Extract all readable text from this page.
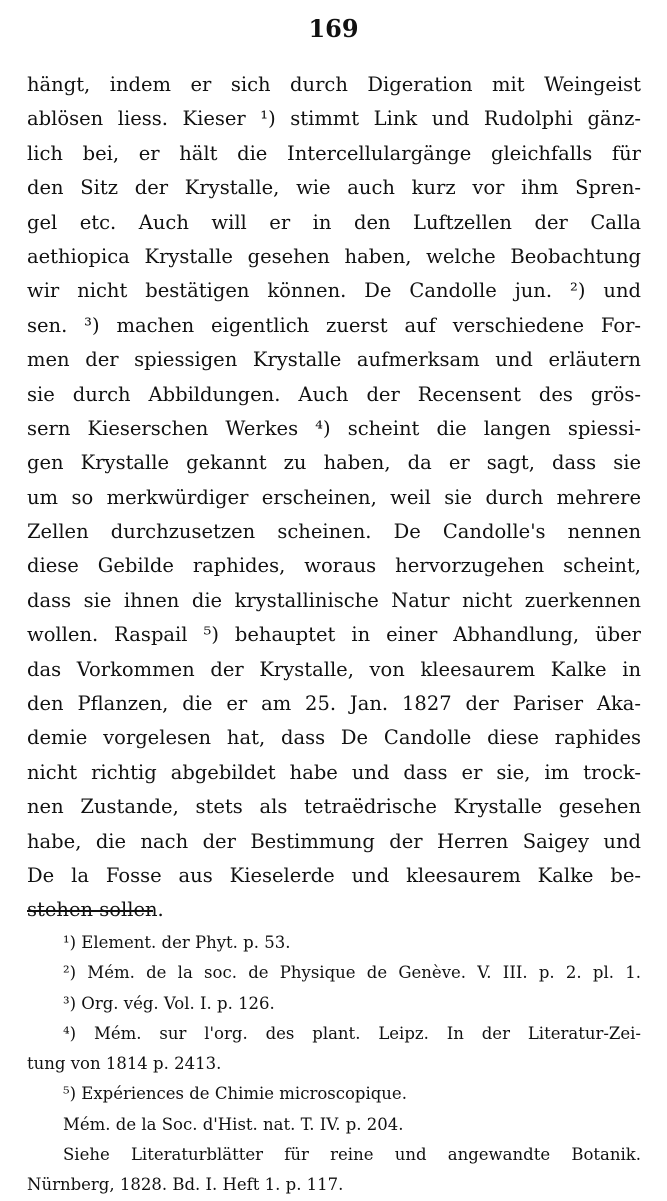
169
hängt, indem er sich durch Digeration mit Weingeist
ablösen liess. Kieser ¹) stimmt Link und Rudolphi gänz-
lich bei, er hält die Intercellulargänge gleichfalls für
den Sitz der Krystalle, wie auch kurz vor ihm Spren-
gel etc. Auch will er in den Luftzellen der Calla
aethiopica Krystalle gesehen haben, welche Beobachtung
wir nicht bestätigen können. De Candolle jun. ²) und
sen. ³) machen eigentlich zuerst auf verschiedene For-
men der spiessigen Krystalle aufmerksam und erläutern
sie durch Abbildungen. Auch der Recensent des grös-
sern Kieserschen Werkes ⁴) scheint die langen spiessi-
gen Krystalle gekannt zu haben, da er sagt, dass sie
um so merkwürdiger erscheinen, weil sie durch mehrere
Zellen durchzusetzen scheinen. De Candolle's nennen
diese Gebilde raphides, woraus hervorzugehen scheint,
dass sie ihnen die krystallinische Natur nicht zuerkennen
wollen. Raspail ⁵) behauptet in einer Abhandlung, über
das Vorkommen der Krystalle, von kleesaurem Kalke in
den Pflanzen, die er am 25. Jan. 1827 der Pariser Aka-
demie vorgelesen hat, dass De Candolle diese raphides
nicht richtig abgebildet habe und dass er sie, im trock-
nen Zustande, stets als tetraëdrische Krystalle gesehen
habe, die nach der Bestimmung der Herren Saigey und
De la Fosse aus Kieselerde und kleesaurem Kalke be-
stehen sollen.
¹) Element. der Phyt. p. 53.
²) Mém. de la soc. de Physique de Genève. V. III. p. 2. pl. 1.
³) Org. vég. Vol. I. p. 126.
⁴) Mém. sur l'org. des plant. Leipz. In der Literatur-Zei-
tung von 1814 p. 2413.
⁵) Expériences de Chimie microscopique.
Mém. de la Soc. d'Hist. nat. T. IV. p. 204.
Siehe Literaturblätter für reine und angewandte Botanik.
Nürnberg, 1828. Bd. I. Heft 1. p. 117.
